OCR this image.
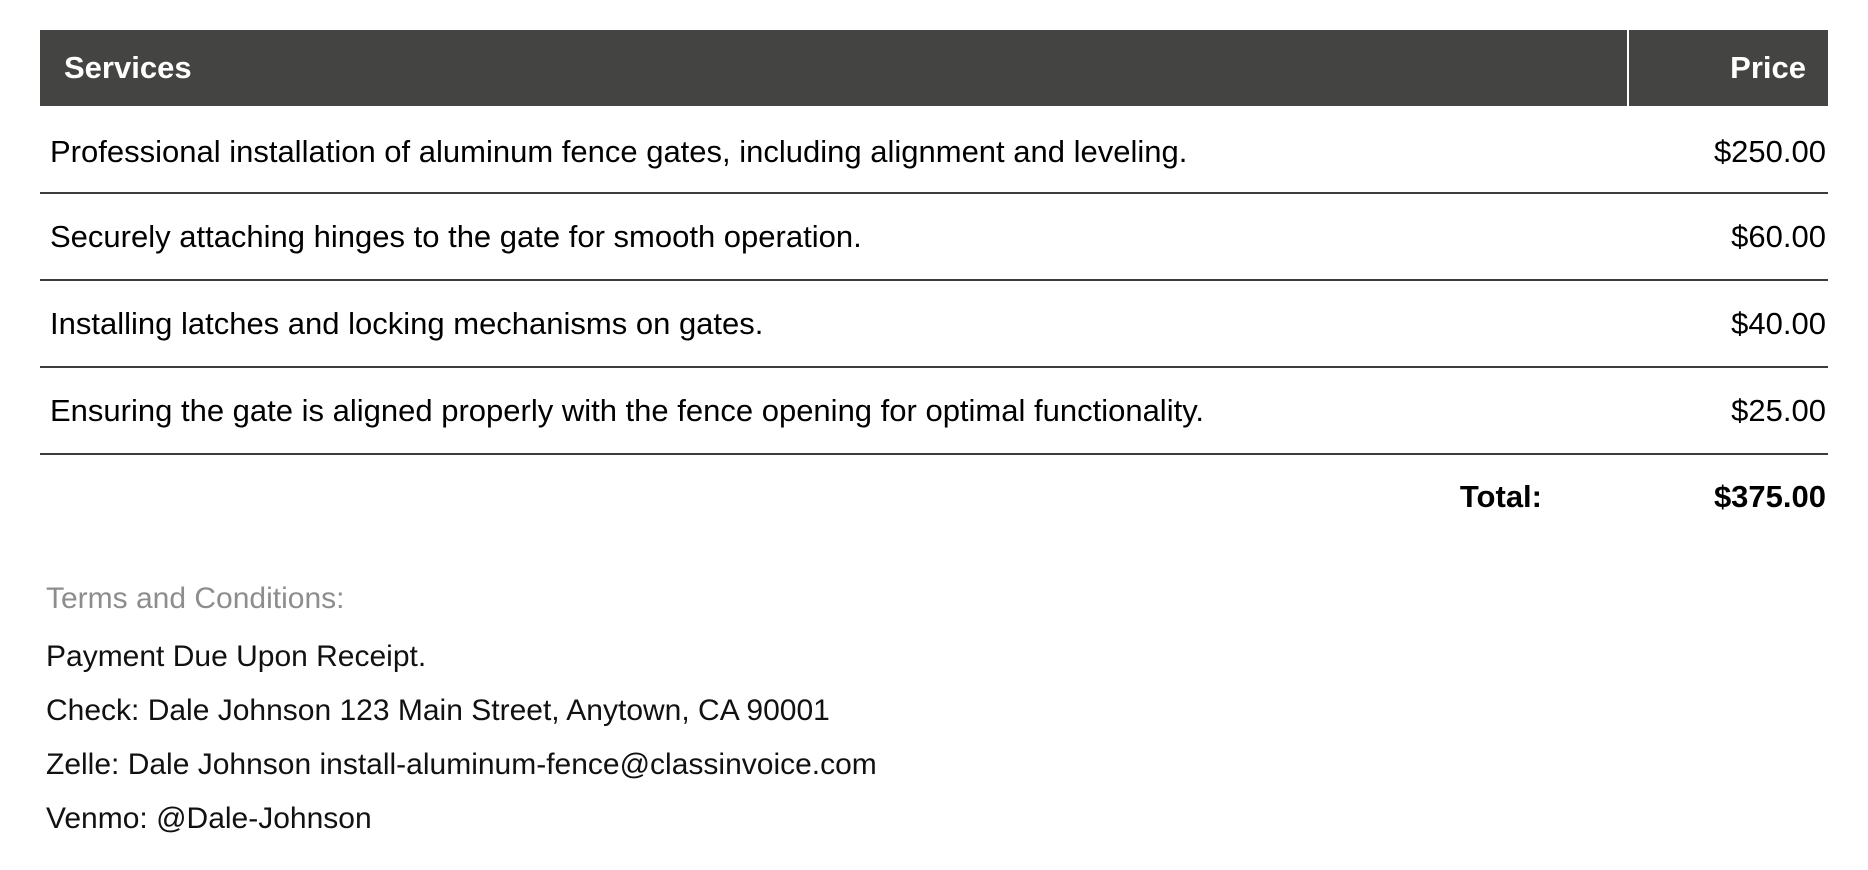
Services	Price
Professional installation of aluminum fence gates, including alignment and leveling.	$250.00
Securely attaching hinges to the gate for smooth operation.	$60.00
Installing latches and locking mechanisms on gates.	$40.00
Ensuring the gate is aligned properly with the fence opening for optimal functionality.	$25.00
Total:	$375.00
Terms and Conditions:
Payment Due Upon Receipt.
Check: Dale Johnson 123 Main Street, Anytown, CA 90001
Zelle: Dale Johnson install-aluminum-fence@classinvoice.com
Venmo: @Dale-Johnson
